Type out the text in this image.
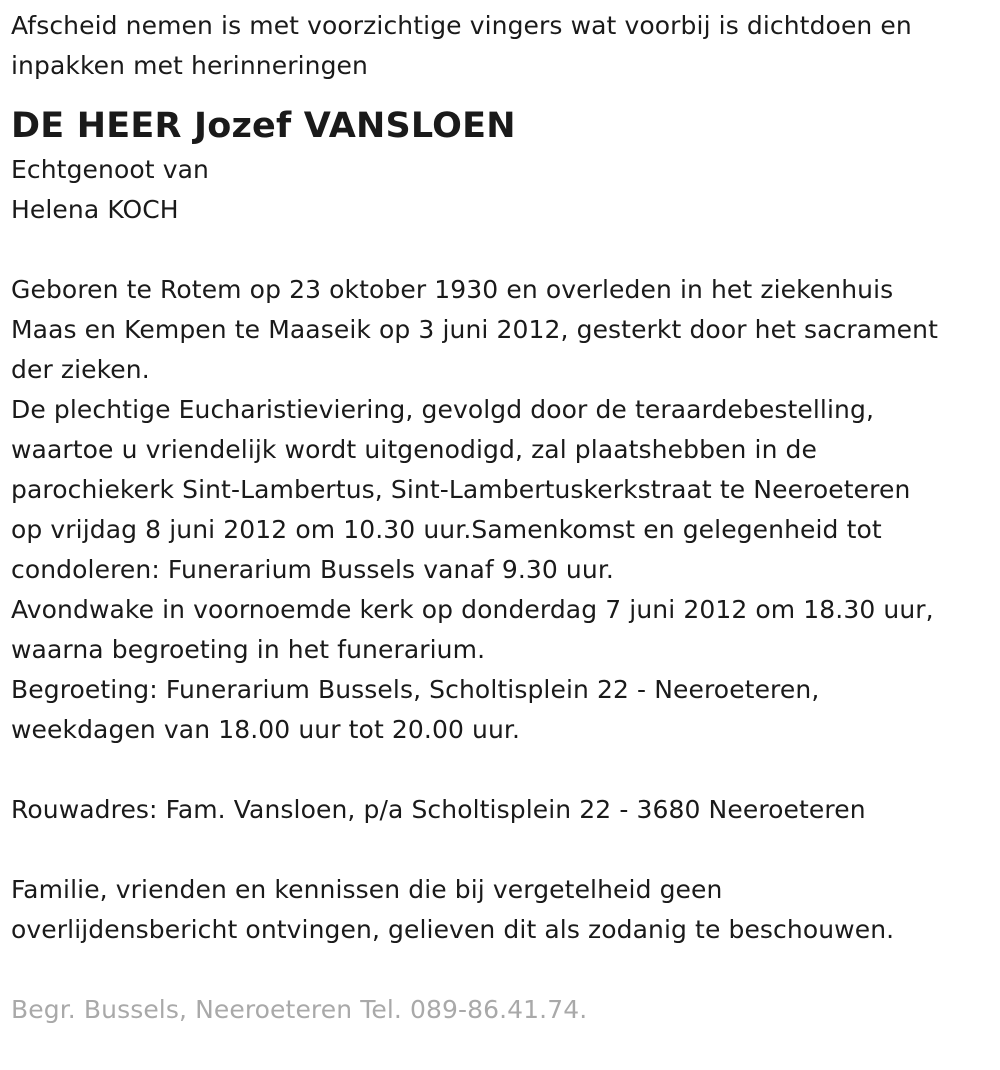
Afscheid nemen is met voorzichtige vingers wat voorbij is dichtdoen en
inpakken met herinneringen
DE HEER Jozef VANSLOEN
Echtgenoot van
Helena KOCH
Geboren te Rotem op 23 oktober 1930 en overleden in het ziekenhuis
Maas en Kempen te Maaseik op 3 juni 2012, gesterkt door het sacrament
der zieken.
De plechtige Eucharistieviering, gevolgd door de teraardebestelling,
waartoe u vriendelijk wordt uitgenodigd, zal plaatshebben in de
parochiekerk Sint-Lambertus, Sint-Lambertuskerkstraat te Neeroeteren
op vrijdag 8 juni 2012 om 10.30 uur.Samenkomst en gelegenheid tot
condoleren: Funerarium Bussels vanaf 9.30 uur.
Avondwake in voornoemde kerk op donderdag 7 juni 2012 om 18.30 uur,
waarna begroeting in het funerarium.
Begroeting: Funerarium Bussels, Scholtisplein 22 - Neeroeteren,
weekdagen van 18.00 uur tot 20.00 uur.
Rouwadres: Fam. Vansloen, p/a Scholtisplein 22 - 3680 Neeroeteren
Familie, vrienden en kennissen die bij vergetelheid geen
overlijdensbericht ontvingen, gelieven dit als zodanig te beschouwen.
Begr. Bussels, Neeroeteren Tel. 089-86.41.74.
